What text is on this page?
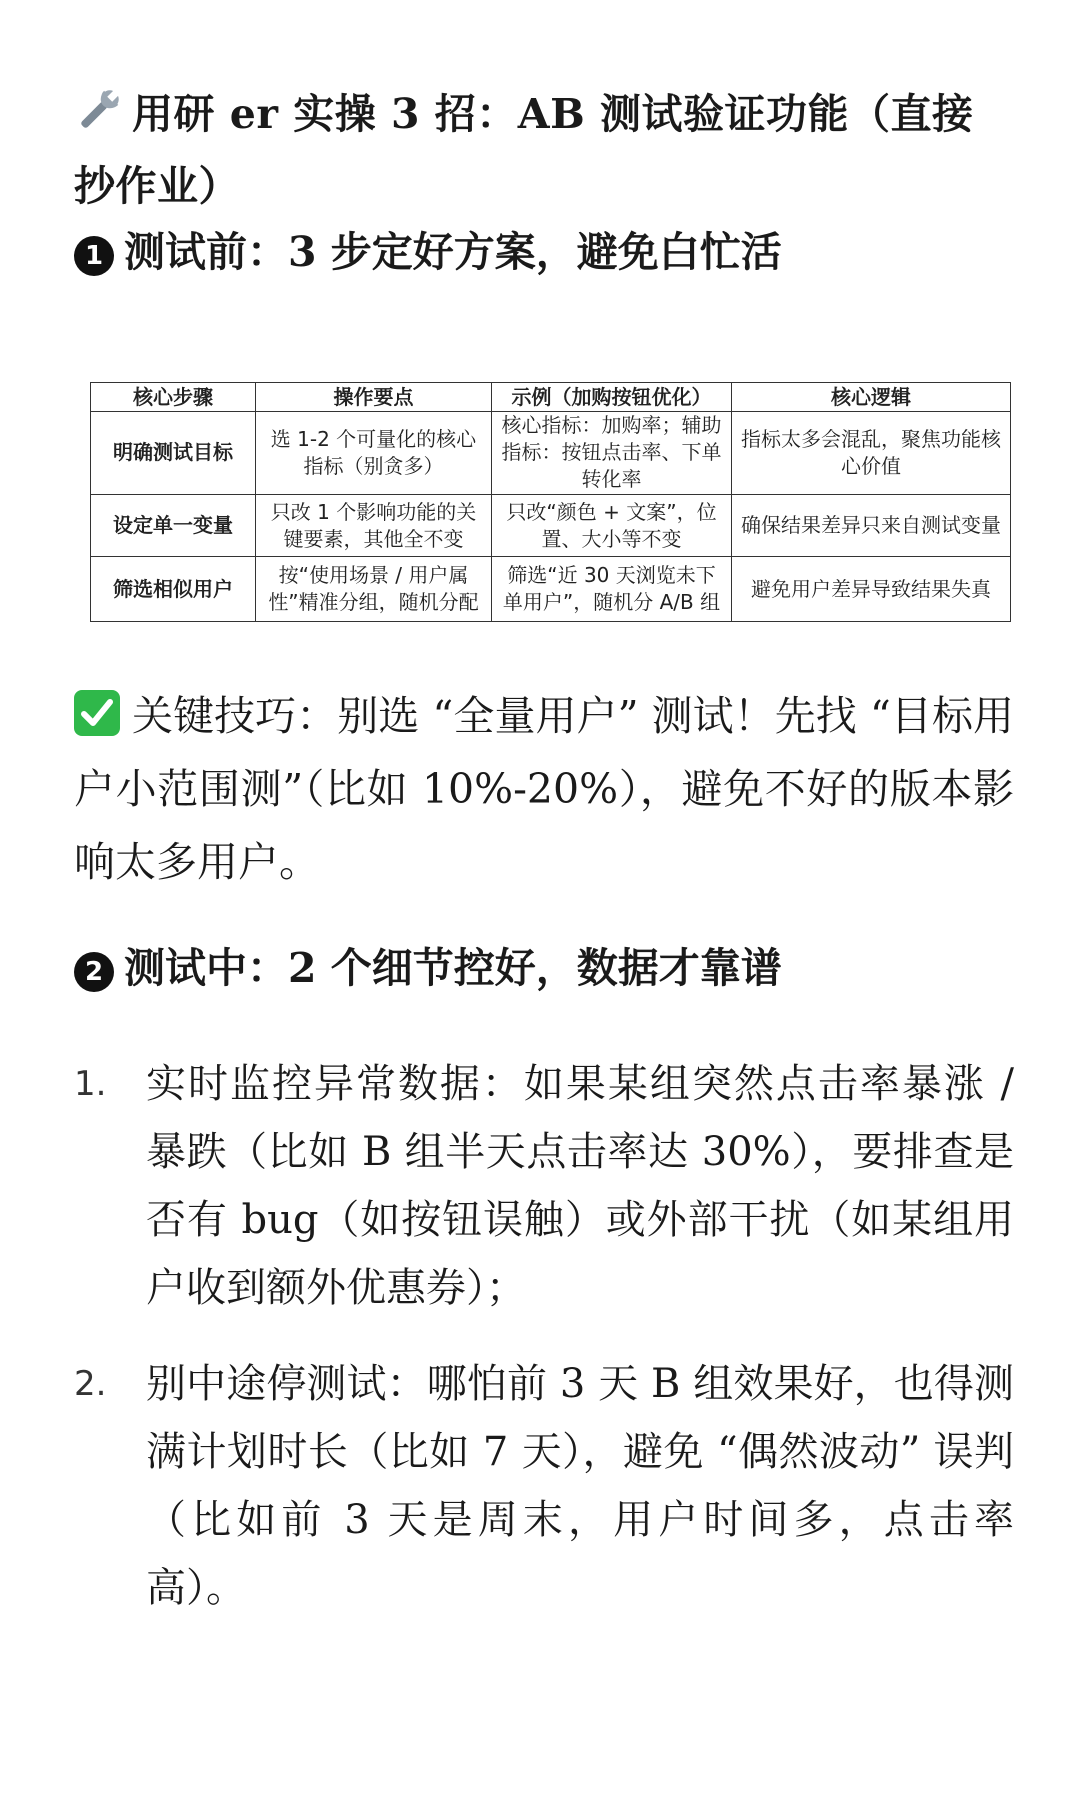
用研 er 实操 3 招：AB 测试验证功能（直接抄作业）
1 测试前：3 步定好方案，避免白忙活
核心步骤	操作要点	示例（加购按钮优化）	核心逻辑
明确测试目标	选 1-2 个可量化的核心指标（别贪多）	核心指标：加购率；辅助指标：按钮点击率、下单转化率	指标太多会混乱，聚焦功能核心价值
设定单一变量	只改 1 个影响功能的关键要素，其他全不变	只改“颜色 + 文案”，位置、大小等不变	确保结果差异只来自测试变量
筛选相似用户	按“使用场景 / 用户属性”精准分组，随机分配	筛选“近 30 天浏览未下单用户”，随机分 A/B 组	避免用户差异导致结果失真
关键技巧：别选 “全量用户” 测试！先找 “目标用户小范围测”（比如 10%-20%），避免不好的版本影响太多用户。
2 测试中：2 个细节控好，数据才靠谱
1. 实时监控异常数据：如果某组突然点击率暴涨 / 暴跌（比如 B 组半天点击率达 30%），要排查是否有 bug（如按钮误触）或外部干扰（如某组用户收到额外优惠券）；
2. 别中途停测试：哪怕前 3 天 B 组效果好，也得测满计划时长（比如 7 天），避免 “偶然波动” 误判（比如前 3 天是周末，用户时间多，点击率高）。
